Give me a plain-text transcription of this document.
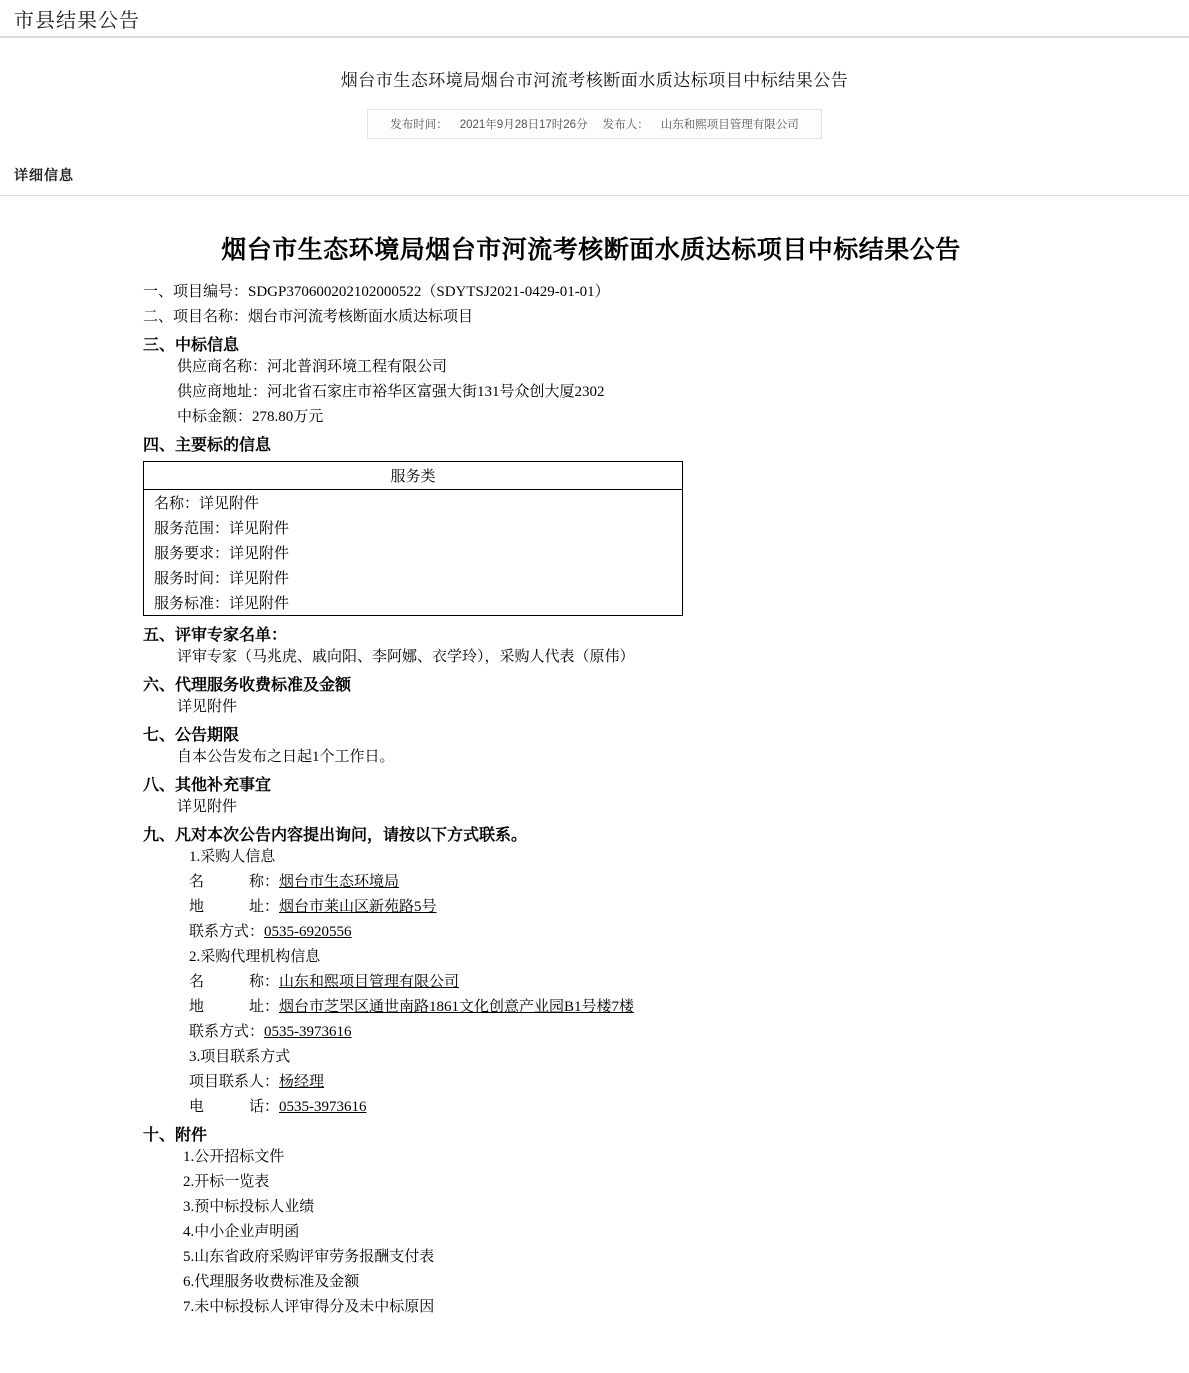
市县结果公告
烟台市生态环境局烟台市河流考核断面水质达标项目中标结果公告
发布时间： 2021年9月28日17时26分 发布人： 山东和熙项目管理有限公司
详细信息
烟台市生态环境局烟台市河流考核断面水质达标项目中标结果公告
一、项目编号：SDGP370600202102000522（SDYTSJ2021-0429-01-01）
二、项目名称：烟台市河流考核断面水质达标项目
三、中标信息
供应商名称：河北普润环境工程有限公司
供应商地址：河北省石家庄市裕华区富强大街131号众创大厦2302
中标金额：278.80万元
四、主要标的信息
服务类
名称：详见附件
服务范围：详见附件
服务要求：详见附件
服务时间：详见附件
服务标准：详见附件
五、评审专家名单：
评审专家（马兆虎、戚向阳、李阿娜、衣学玲），采购人代表（原伟）
六、代理服务收费标准及金额
详见附件
七、公告期限
自本公告发布之日起1个工作日。
八、其他补充事宜
详见附件
九、凡对本次公告内容提出询问，请按以下方式联系。
1.采购人信息
名　　　称：烟台市生态环境局
地　　　址：烟台市莱山区新苑路5号
联系方式：0535-6920556
2.采购代理机构信息
名　　　称：山东和熙项目管理有限公司
地　　　址：烟台市芝罘区通世南路1861文化创意产业园B1号楼7楼
联系方式：0535-3973616
3.项目联系方式
项目联系人：杨经理
电　　　话：0535-3973616
十、附件
1.公开招标文件
2.开标一览表
3.预中标投标人业绩
4.中小企业声明函
5.山东省政府采购评审劳务报酬支付表
6.代理服务收费标准及金额
7.未中标投标人评审得分及未中标原因
